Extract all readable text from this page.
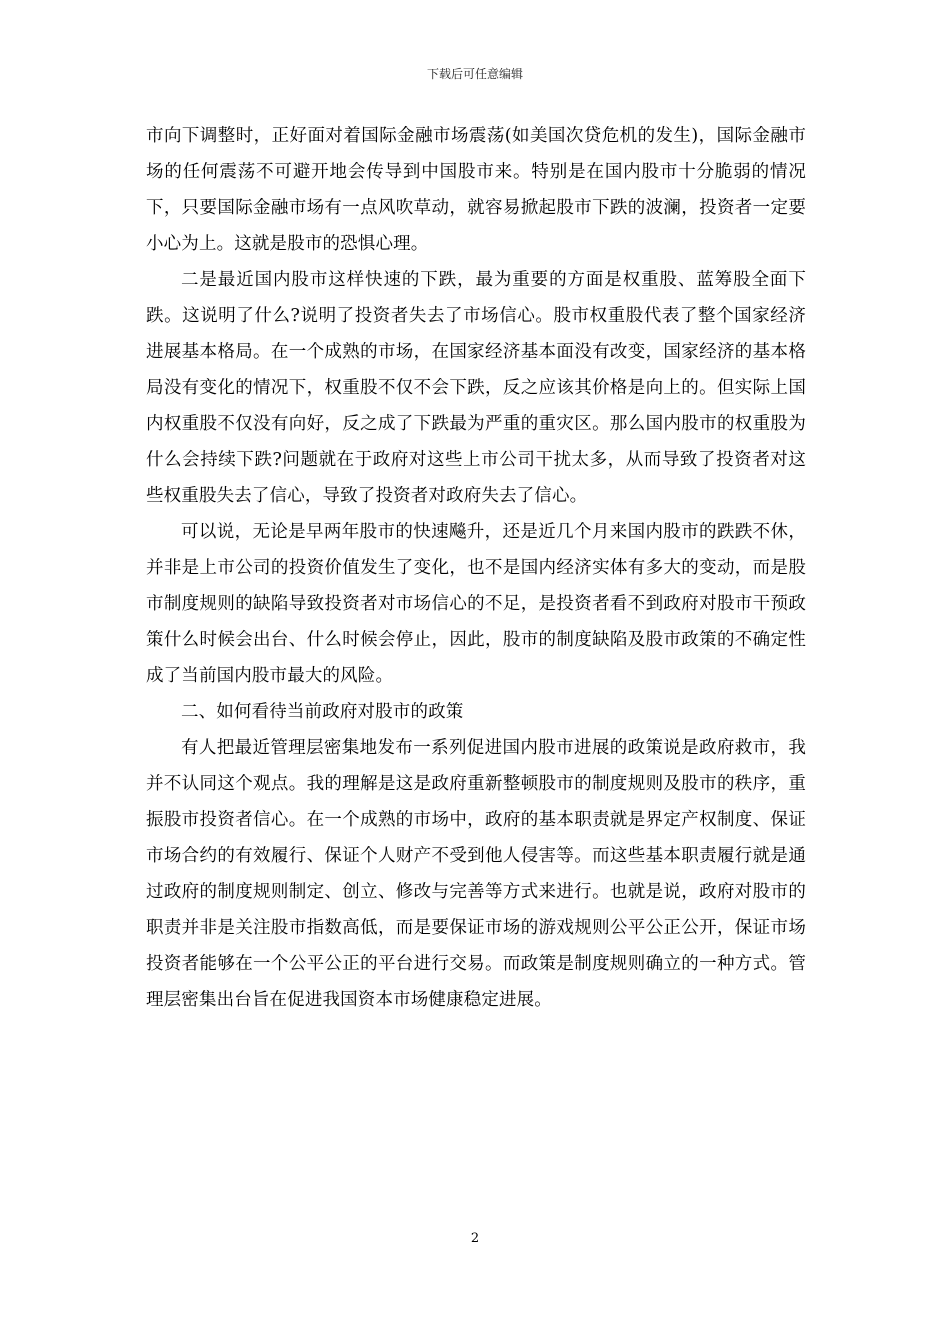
下载后可任意编辑

市向下调整时，正好面对着国际金融市场震荡(如美国次贷危机的发生)，国际金融市场的任何震荡不可避开地会传导到中国股市来。特别是在国内股市十分脆弱的情况下，只要国际金融市场有一点风吹草动，就容易掀起股市下跌的波澜，投资者一定要小心为上。这就是股市的恐惧心理。

二是最近国内股市这样快速的下跌，最为重要的方面是权重股、蓝筹股全面下跌。这说明了什么?说明了投资者失去了市场信心。股市权重股代表了整个国家经济进展基本格局。在一个成熟的市场，在国家经济基本面没有改变，国家经济的基本格局没有变化的情况下，权重股不仅不会下跌，反之应该其价格是向上的。但实际上国内权重股不仅没有向好，反之成了下跌最为严重的重灾区。那么国内股市的权重股为什么会持续下跌?问题就在于政府对这些上市公司干扰太多，从而导致了投资者对这些权重股失去了信心，导致了投资者对政府失去了信心。

可以说，无论是早两年股市的快速飚升，还是近几个月来国内股市的跌跌不休，并非是上市公司的投资价值发生了变化，也不是国内经济实体有多大的变动，而是股市制度规则的缺陷导致投资者对市场信心的不足，是投资者看不到政府对股市干预政策什么时候会出台、什么时候会停止，因此，股市的制度缺陷及股市政策的不确定性成了当前国内股市最大的风险。

二、如何看待当前政府对股市的政策

有人把最近管理层密集地发布一系列促进国内股市进展的政策说是政府救市，我并不认同这个观点。我的理解是这是政府重新整顿股市的制度规则及股市的秩序，重振股市投资者信心。在一个成熟的市场中，政府的基本职责就是界定产权制度、保证市场合约的有效履行、保证个人财产不受到他人侵害等。而这些基本职责履行就是通过政府的制度规则制定、创立、修改与完善等方式来进行。也就是说，政府对股市的职责并非是关注股市指数高低，而是要保证市场的游戏规则公平公正公开，保证市场投资者能够在一个公平公正的平台进行交易。而政策是制度规则确立的一种方式。管理层密集出台旨在促进我国资本市场健康稳定进展。

2
